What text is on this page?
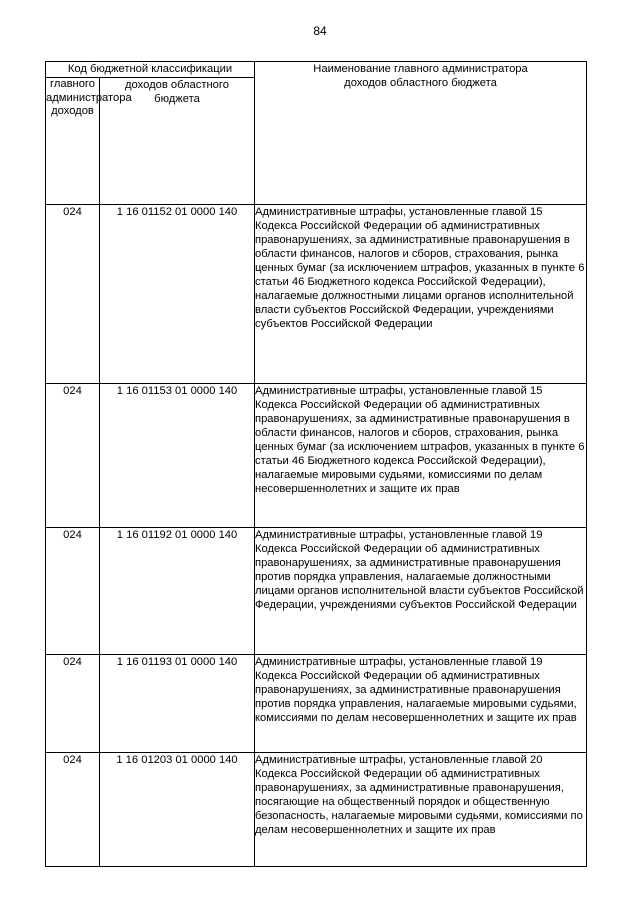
84
Код бюджетной классификации		Наименование главного администратора доходов областного бюджета

главного администратора доходов	доходов областного бюджета	

024	1 16 01152 01 0000 140	Административные штрафы, установленные главой 15 Кодекса Российской Федерации об административных правонарушениях, за административные правонарушения в области финансов, налогов и сборов, страхования, рынка ценных бумаг (за исключением штрафов, указанных в пункте 6 статьи 46 Бюджетного кодекса Российской Федерации), налагаемые должностными лицами органов исполнительной власти субъектов Российской Федерации, учреждениями субъектов Российской Федерации
024	1 16 01153 01 0000 140	Административные штрафы, установленные главой 15 Кодекса Российской Федерации об административных правонарушениях, за административные правонарушения в области финансов, налогов и сборов, страхования, рынка ценных бумаг (за исключением штрафов, указанных в пункте 6 статьи 46 Бюджетного кодекса Российской Федерации), налагаемые мировыми судьями, комиссиями по делам несовершеннолетних и защите их прав
024	1 16 01192 01 0000 140	Административные штрафы, установленные главой 19 Кодекса Российской Федерации об административных правонарушениях, за административные правонарушения против порядка управления, налагаемые должностными лицами органов исполнительной власти субъектов Российской Федерации, учреждениями субъектов Российской Федерации
024	1 16 01193 01 0000 140	Административные штрафы, установленные главой 19 Кодекса Российской Федерации об административных правонарушениях, за административные правонарушения против порядка управления, налагаемые мировыми судьями, комиссиями по делам несовершеннолетних и защите их прав
024	1 16 01203 01 0000 140	Административные штрафы, установленные главой 20 Кодекса Российской Федерации об административных правонарушениях, за административные правонарушения, посягающие на общественный порядок и общественную безопасность, налагаемые мировыми судьями, комиссиями по делам несовершеннолетних и защите их прав
